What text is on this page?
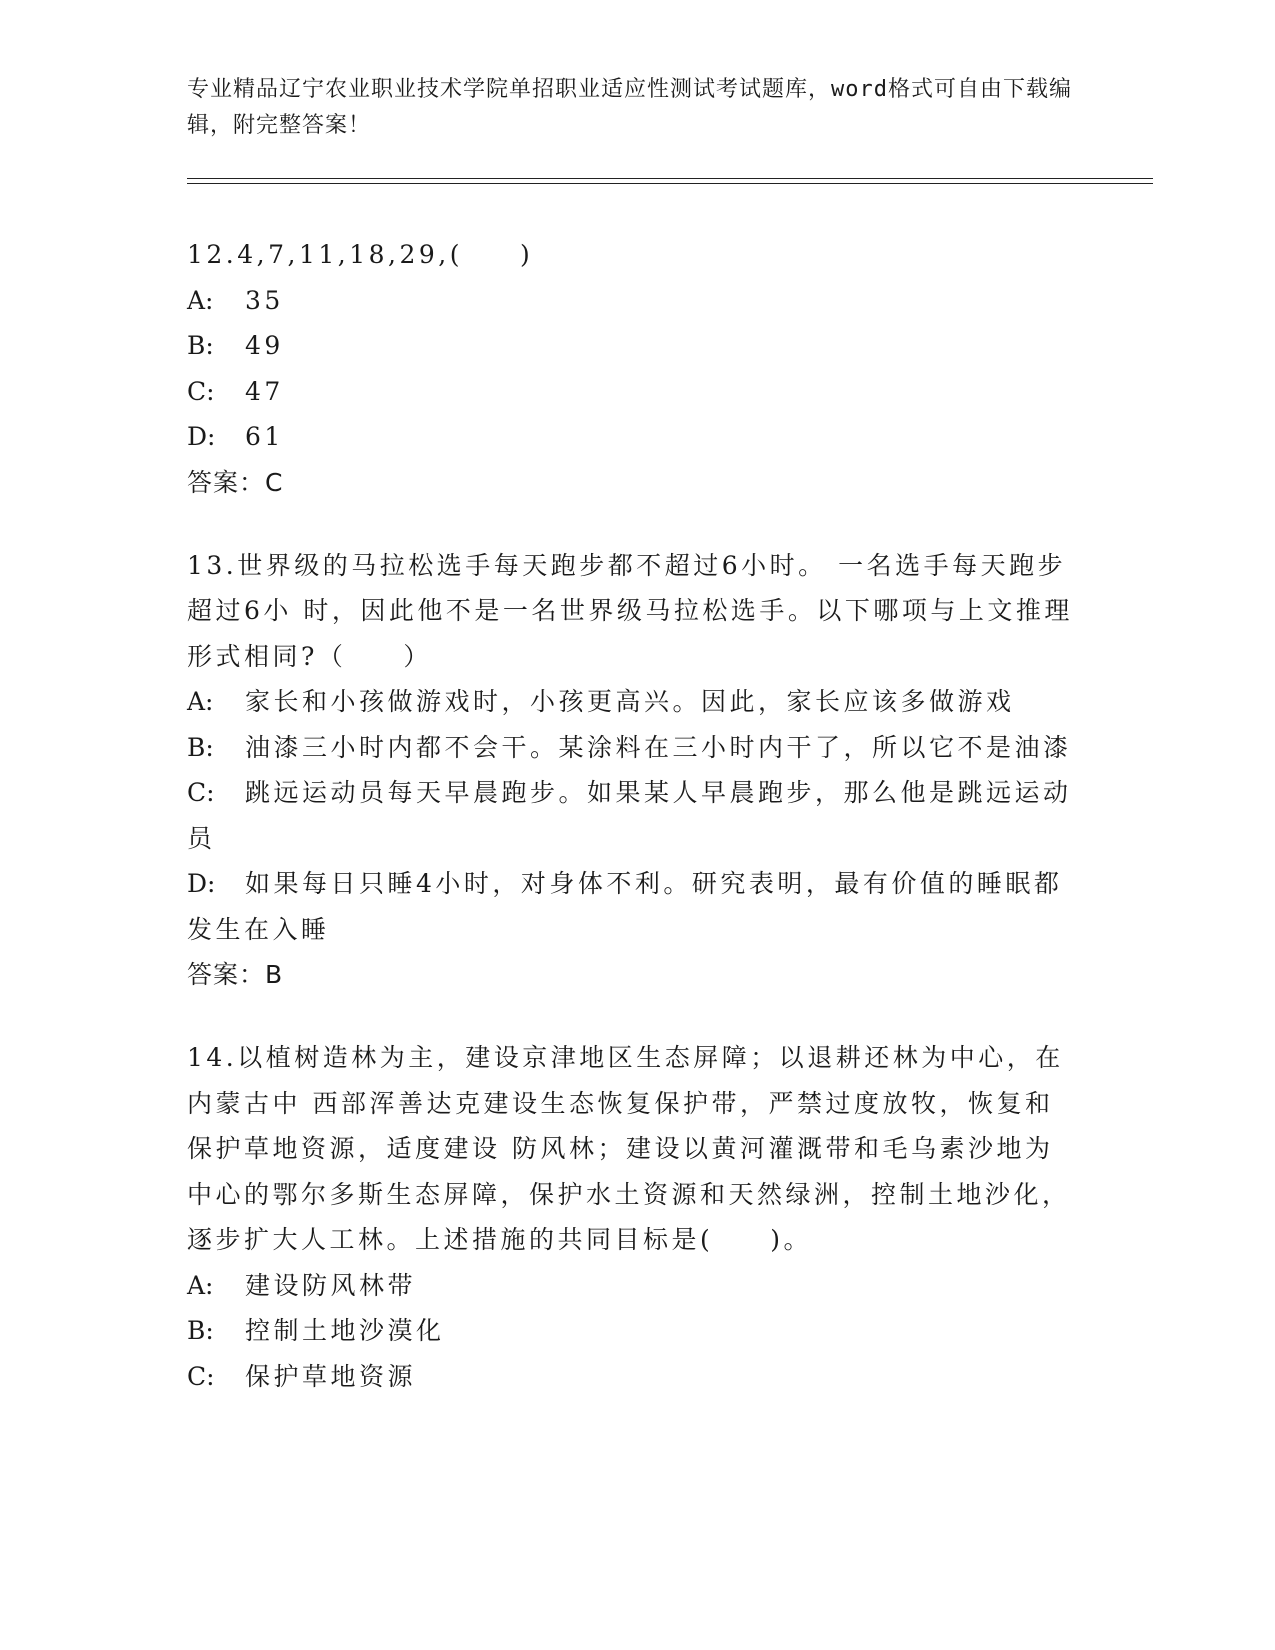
专业精品辽宁农业职业技术学院单招职业适应性测试考试题库，word格式可自由下载编辑，附完整答案！

12.4,7,11,18,29,(　　)

A:	35
B:	49
C:	47
D:	61

答案：C

13.世界级的马拉松选手每天跑步都不超过6小时。 一名选手每天跑步超过6小 时，因此他不是一名世界级马拉松选手。以下哪项与上文推理形式相同?（　　）

A: 家长和小孩做游戏时，小孩更高兴。因此，家长应该多做游戏
B: 油漆三小时内都不会干。某涂料在三小时内干了，所以它不是油漆
C: 跳远运动员每天早晨跑步。如果某人早晨跑步，那么他是跳远运动员
D: 如果每日只睡4小时，对身体不利。研究表明，最有价值的睡眠都发生在入睡

答案：B

14.以植树造林为主，建设京津地区生态屏障；以退耕还林为中心，在内蒙古中 西部浑善达克建设生态恢复保护带，严禁过度放牧，恢复和保护草地资源，适度建设 防风林；建设以黄河灌溉带和毛乌素沙地为中心的鄂尔多斯生态屏障，保护水土资源和天然绿洲，控制土地沙化，逐步扩大人工林。上述措施的共同目标是(　　)。

A:	建设防风林带
B:	控制土地沙漠化
C:	保护草地资源
